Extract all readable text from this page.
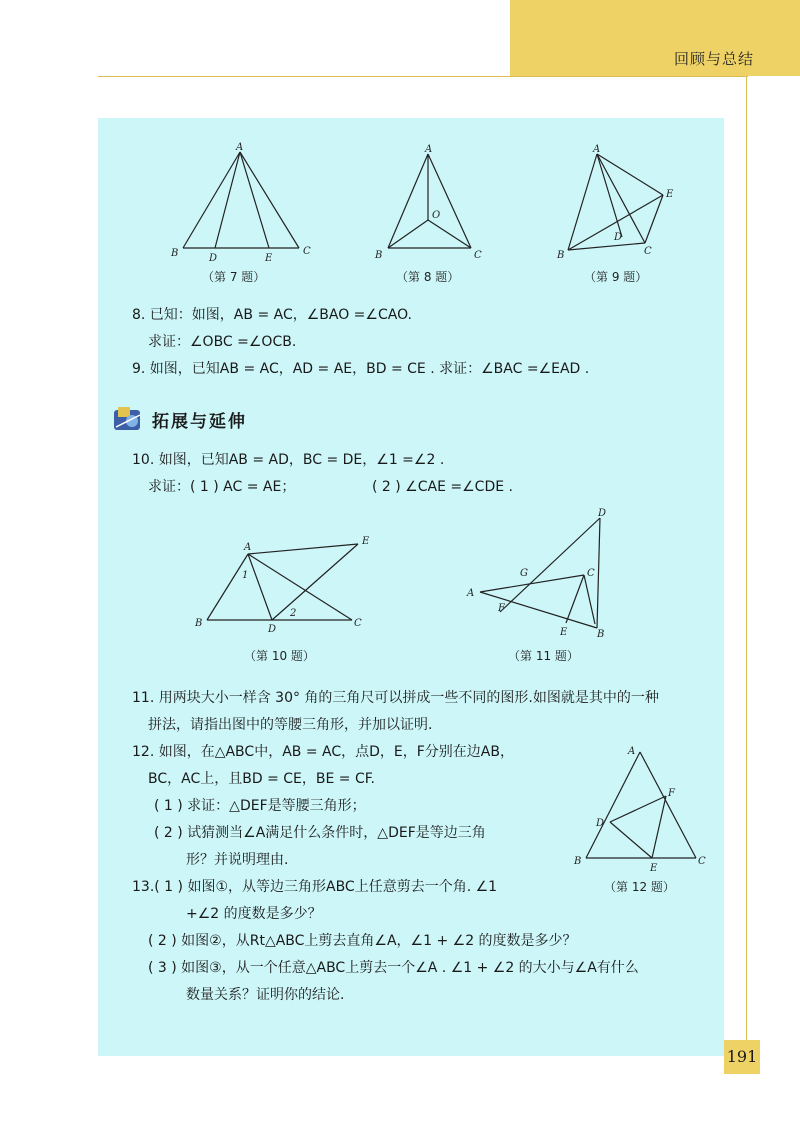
回顾与总结
A
B	D	E
C
（第 7 题）
A
O
B	C
（第 8 题）
A
E
D
B	C
（第 9 题）
8. 已知：如图，AB = AC，∠BAO =∠CAO.
求证：∠OBC =∠OCB.
9. 如图，已知AB = AC，AD = AE，BD = CE . 求证：∠BAC =∠EAD .
拓展与延伸
10. 如图，已知AB = AD，BC = DE，∠1 =∠2 .
求证：( 1 ) AC = AE；	( 2 ) ∠CAE =∠CDE .
A
E
1
2
B
D
C
（第 10 题）
D
G	C
A
F
E	B
（第 11 题）
11. 用两块大小一样含 30° 角的三角尺可以拼成一些不同的图形.如图就是其中的一种
拼法，请指出图中的等腰三角形，并加以证明.
12. 如图，在△ABC中，AB = AC，点D，E，F分别在边AB，
BC，AC上，且BD = CE，BE = CF.
( 1 ) 求证：△DEF是等腰三角形；
( 2 ) 试猜测当∠A满足什么条件时，△DEF是等边三角
形？并说明理由.
A
F
D
B
E
C
（第 12 题）
13.( 1 ) 如图①，从等边三角形ABC上任意剪去一个角. ∠1
+∠2 的度数是多少？
( 2 ) 如图②，从Rt△ABC上剪去直角∠A，∠1 + ∠2 的度数是多少？
( 3 ) 如图③，从一个任意△ABC上剪去一个∠A . ∠1 + ∠2 的大小与∠A有什么
数量关系？证明你的结论.
191
